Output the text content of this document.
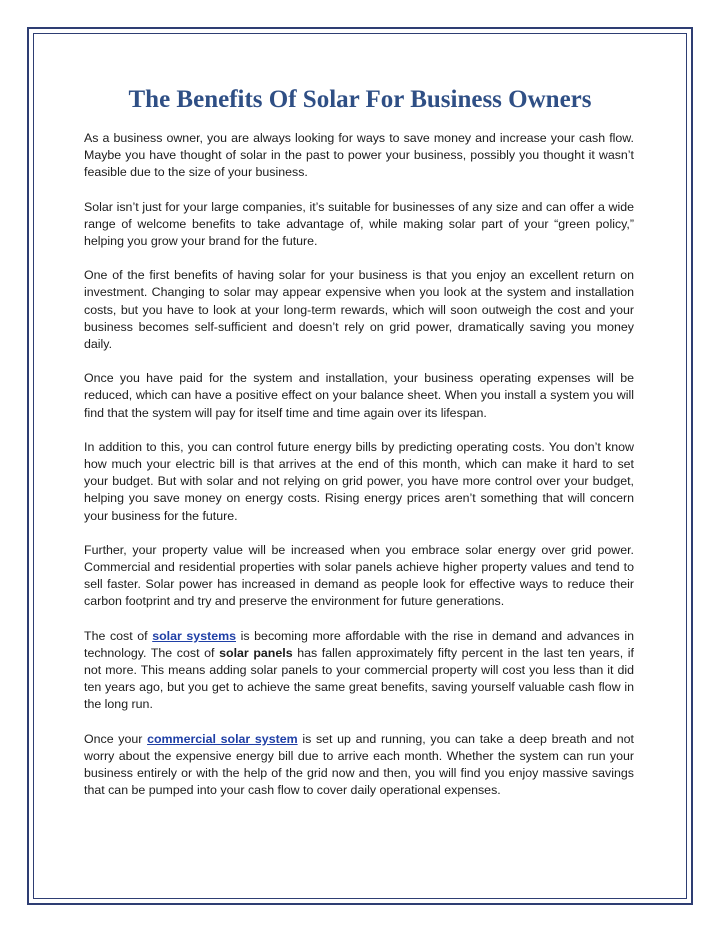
The Benefits Of Solar For Business Owners

As a business owner, you are always looking for ways to save money and increase your cash flow. Maybe you have thought of solar in the past to power your business, possibly you thought it wasn’t feasible due to the size of your business.

Solar isn’t just for your large companies, it’s suitable for businesses of any size and can offer a wide range of welcome benefits to take advantage of, while making solar part of your “green policy,” helping you grow your brand for the future.

One of the first benefits of having solar for your business is that you enjoy an excellent return on investment. Changing to solar may appear expensive when you look at the system and installation costs, but you have to look at your long-term rewards, which will soon outweigh the cost and your business becomes self-sufficient and doesn’t rely on grid power, dramatically saving you money daily.

Once you have paid for the system and installation, your business operating expenses will be reduced, which can have a positive effect on your balance sheet. When you install a system you will find that the system will pay for itself time and time again over its lifespan.

In addition to this, you can control future energy bills by predicting operating costs. You don’t know how much your electric bill is that arrives at the end of this month, which can make it hard to set your budget. But with solar and not relying on grid power, you have more control over your budget, helping you save money on energy costs. Rising energy prices aren’t something that will concern your business for the future.

Further, your property value will be increased when you embrace solar energy over grid power. Commercial and residential properties with solar panels achieve higher property values and tend to sell faster. Solar power has increased in demand as people look for effective ways to reduce their carbon footprint and try and preserve the environment for future generations.

The cost of solar systems is becoming more affordable with the rise in demand and advances in technology. The cost of solar panels has fallen approximately fifty percent in the last ten years, if not more. This means adding solar panels to your commercial property will cost you less than it did ten years ago, but you get to achieve the same great benefits, saving yourself valuable cash flow in the long run.

Once your commercial solar system is set up and running, you can take a deep breath and not worry about the expensive energy bill due to arrive each month. Whether the system can run your business entirely or with the help of the grid now and then, you will find you enjoy massive savings that can be pumped into your cash flow to cover daily operational expenses.
